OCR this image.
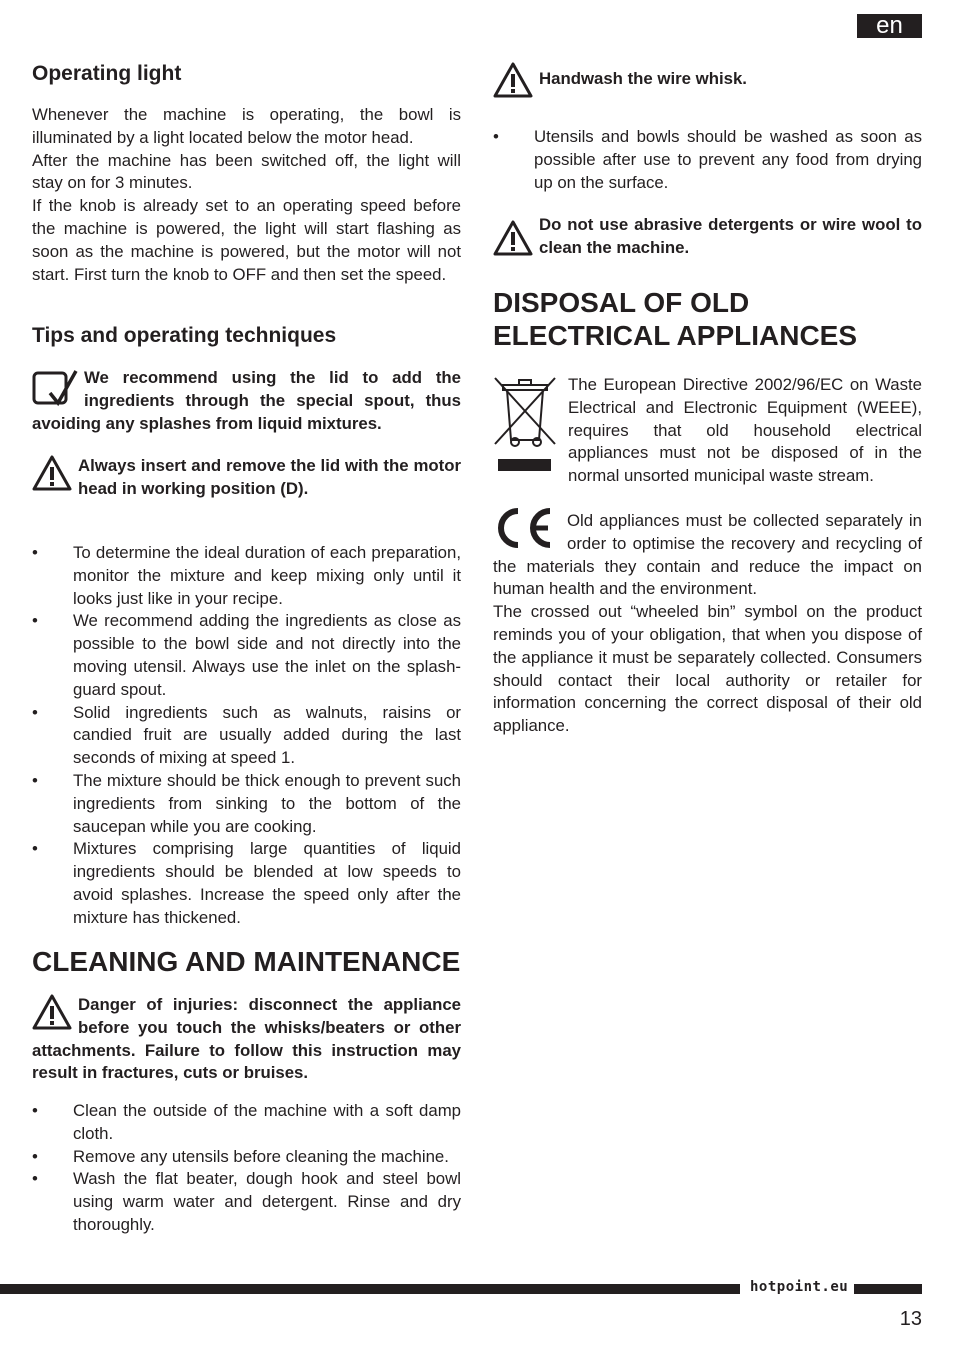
en
Operating light
Whenever the machine is operating, the bowl is illuminated by a light located below the motor head.
After the machine has been switched off, the light will stay on for 3 minutes.
If the knob is already set to an operating speed before the machine is powered, the light will start flashing as soon as the machine is powered, but the motor will not start. First turn the knob to OFF and then set the speed.
Tips and operating techniques
We recommend using the lid to add the ingredients through the special spout, thus avoiding any splashes from liquid mixtures.
Always insert and remove the lid with the motor head in working position (D).
• To determine the ideal duration of each preparation, monitor the mixture and keep mixing only until it looks just like in your recipe.
• We recommend adding the ingredients as close as possible to the bowl side and not directly into the moving utensil. Always use the inlet on the splash-guard spout.
• Solid ingredients such as walnuts, raisins or candied fruit are usually added during the last seconds of mixing at speed 1.
• The mixture should be thick enough to prevent such ingredients from sinking to the bottom of the saucepan while you are cooking.
• Mixtures comprising large quantities of liquid ingredients should be blended at low speeds to avoid splashes. Increase the speed only after the mixture has thickened.
CLEANING AND MAINTENANCE
Danger of injuries: disconnect the appliance before you touch the whisks/beaters or other attachments. Failure to follow this instruction may result in fractures, cuts or bruises.
• Clean the outside of the machine with a soft damp cloth.
• Remove any utensils before cleaning the machine.
• Wash the flat beater, dough hook and steel bowl using warm water and detergent. Rinse and dry thoroughly.
Handwash the wire whisk.
• Utensils and bowls should be washed as soon as possible after use to prevent any food from drying up on the surface.
Do not use abrasive detergents or wire wool to clean the machine.
DISPOSAL OF OLD
ELECTRICAL APPLIANCES
The European Directive 2002/96/EC on Waste Electrical and Electronic Equipment (WEEE), requires that old household electrical appliances must not be disposed of in the normal unsorted municipal waste stream.
Old appliances must be collected separately in order to optimise the recovery and recycling of the materials they contain and reduce the impact on human health and the environment.
The crossed out “wheeled bin” symbol on the product reminds you of your obligation, that when you dispose of the appliance it must be separately collected. Consumers should contact their local authority or retailer for information concerning the correct disposal of their old appliance.
hotpoint.eu
13
